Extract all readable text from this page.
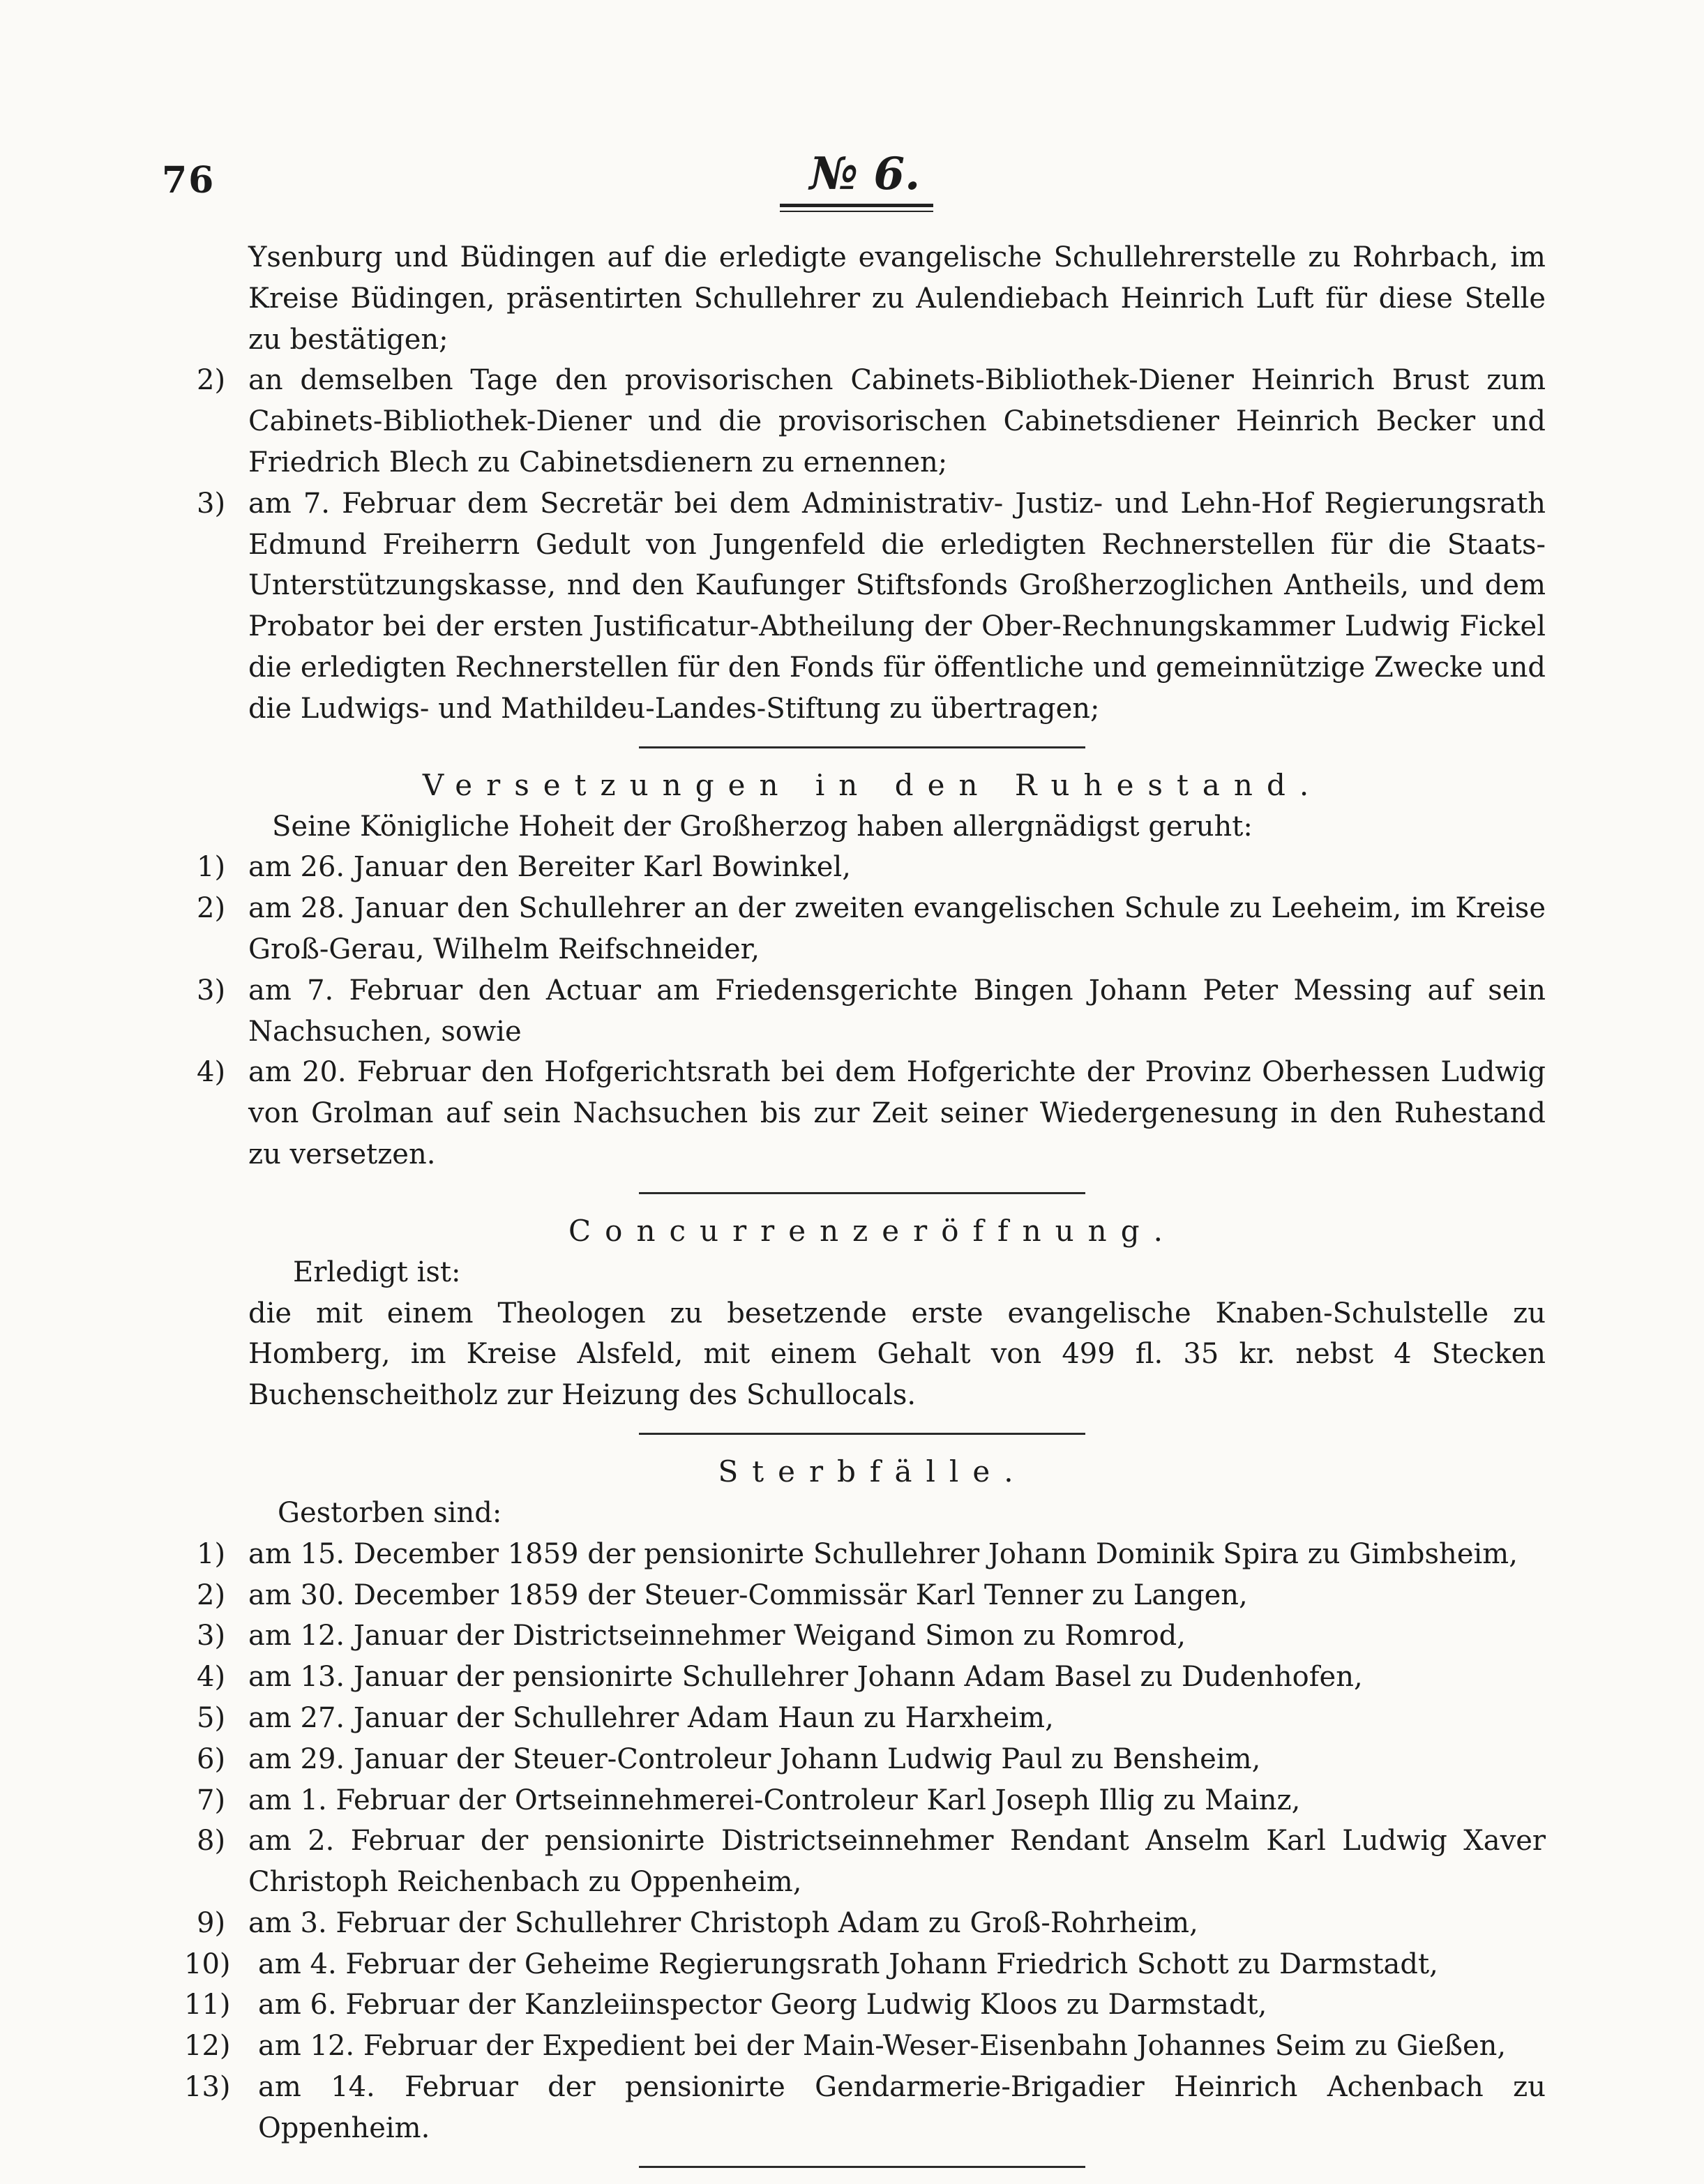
76	№ 6.

Ysenburg und Büdingen auf die erledigte evangelische Schullehrerstelle zu Rohrbach, im Kreise Büdingen, präsentirten Schullehrer zu Aulendiebach Heinrich Luft für diese Stelle zu bestätigen;

2) an demselben Tage den provisorischen Cabinets-Bibliothek-Diener Heinrich Brust zum Cabinets-Bibliothek-Diener und die provisorischen Cabinetsdiener Heinrich Becker und Friedrich Blech zu Cabinetsdienern zu ernennen;
3) am 7. Februar dem Secretär bei dem Administrativ- Justiz- und Lehn-Hof Regierungsrath Edmund Freiherrn Gedult von Jungenfeld die erledigten Rechnerstellen für die Staats-Unterstützungskasse, nnd den Kaufunger Stiftsfonds Großherzoglichen Antheils, und dem Probator bei der ersten Justificatur-Abtheilung der Ober-Rechnungskammer Ludwig Fickel die erledigten Rechnerstellen für den Fonds für öffentliche und gemeinnützige Zwecke und die Ludwigs- und Mathildeu-Landes-Stiftung zu übertragen;
Versetzungen in den Ruhestand.

Seine Königliche Hoheit der Großherzog haben allergnädigst geruht:

1) am 26. Januar den Bereiter Karl Bowinkel,
2) am 28. Januar den Schullehrer an der zweiten evangelischen Schule zu Leeheim, im Kreise Groß-Gerau, Wilhelm Reifschneider,
3) am 7. Februar den Actuar am Friedensgerichte Bingen Johann Peter Messing auf sein Nachsuchen, sowie
4) am 20. Februar den Hofgerichtsrath bei dem Hofgerichte der Provinz Oberhessen Ludwig von Grolman auf sein Nachsuchen bis zur Zeit seiner Wiedergenesung in den Ruhestand zu versetzen.
Concurrenzeröffnung.

Erledigt ist:

die mit einem Theologen zu besetzende erste evangelische Knaben-Schulstelle zu Homberg, im Kreise Alsfeld, mit einem Gehalt von 499 fl. 35 kr. nebst 4 Stecken Buchenscheitholz zur Heizung des Schullocals.

Sterbfälle.

Gestorben sind:

1) am 15. December 1859 der pensionirte Schullehrer Johann Dominik Spira zu Gimbsheim,
2) am 30. December 1859 der Steuer-Commissär Karl Tenner zu Langen,
3) am 12. Januar der Districtseinnehmer Weigand Simon zu Romrod,
4) am 13. Januar der pensionirte Schullehrer Johann Adam Basel zu Dudenhofen,
5) am 27. Januar der Schullehrer Adam Haun zu Harxheim,
6) am 29. Januar der Steuer-Controleur Johann Ludwig Paul zu Bensheim,
7) am 1. Februar der Ortseinnehmerei-Controleur Karl Joseph Illig zu Mainz,
8) am 2. Februar der pensionirte Districtseinnehmer Rendant Anselm Karl Ludwig Xaver Christoph Reichenbach zu Oppenheim,
9) am 3. Februar der Schullehrer Christoph Adam zu Groß-Rohrheim,
10) am 4. Februar der Geheime Regierungsrath Johann Friedrich Schott zu Darmstadt,
11) am 6. Februar der Kanzleiinspector Georg Ludwig Kloos zu Darmstadt,
12) am 12. Februar der Expedient bei der Main-Weser-Eisenbahn Johannes Seim zu Gießen,
13) am 14. Februar der pensionirte Gendarmerie-Brigadier Heinrich Achenbach zu Oppenheim.
